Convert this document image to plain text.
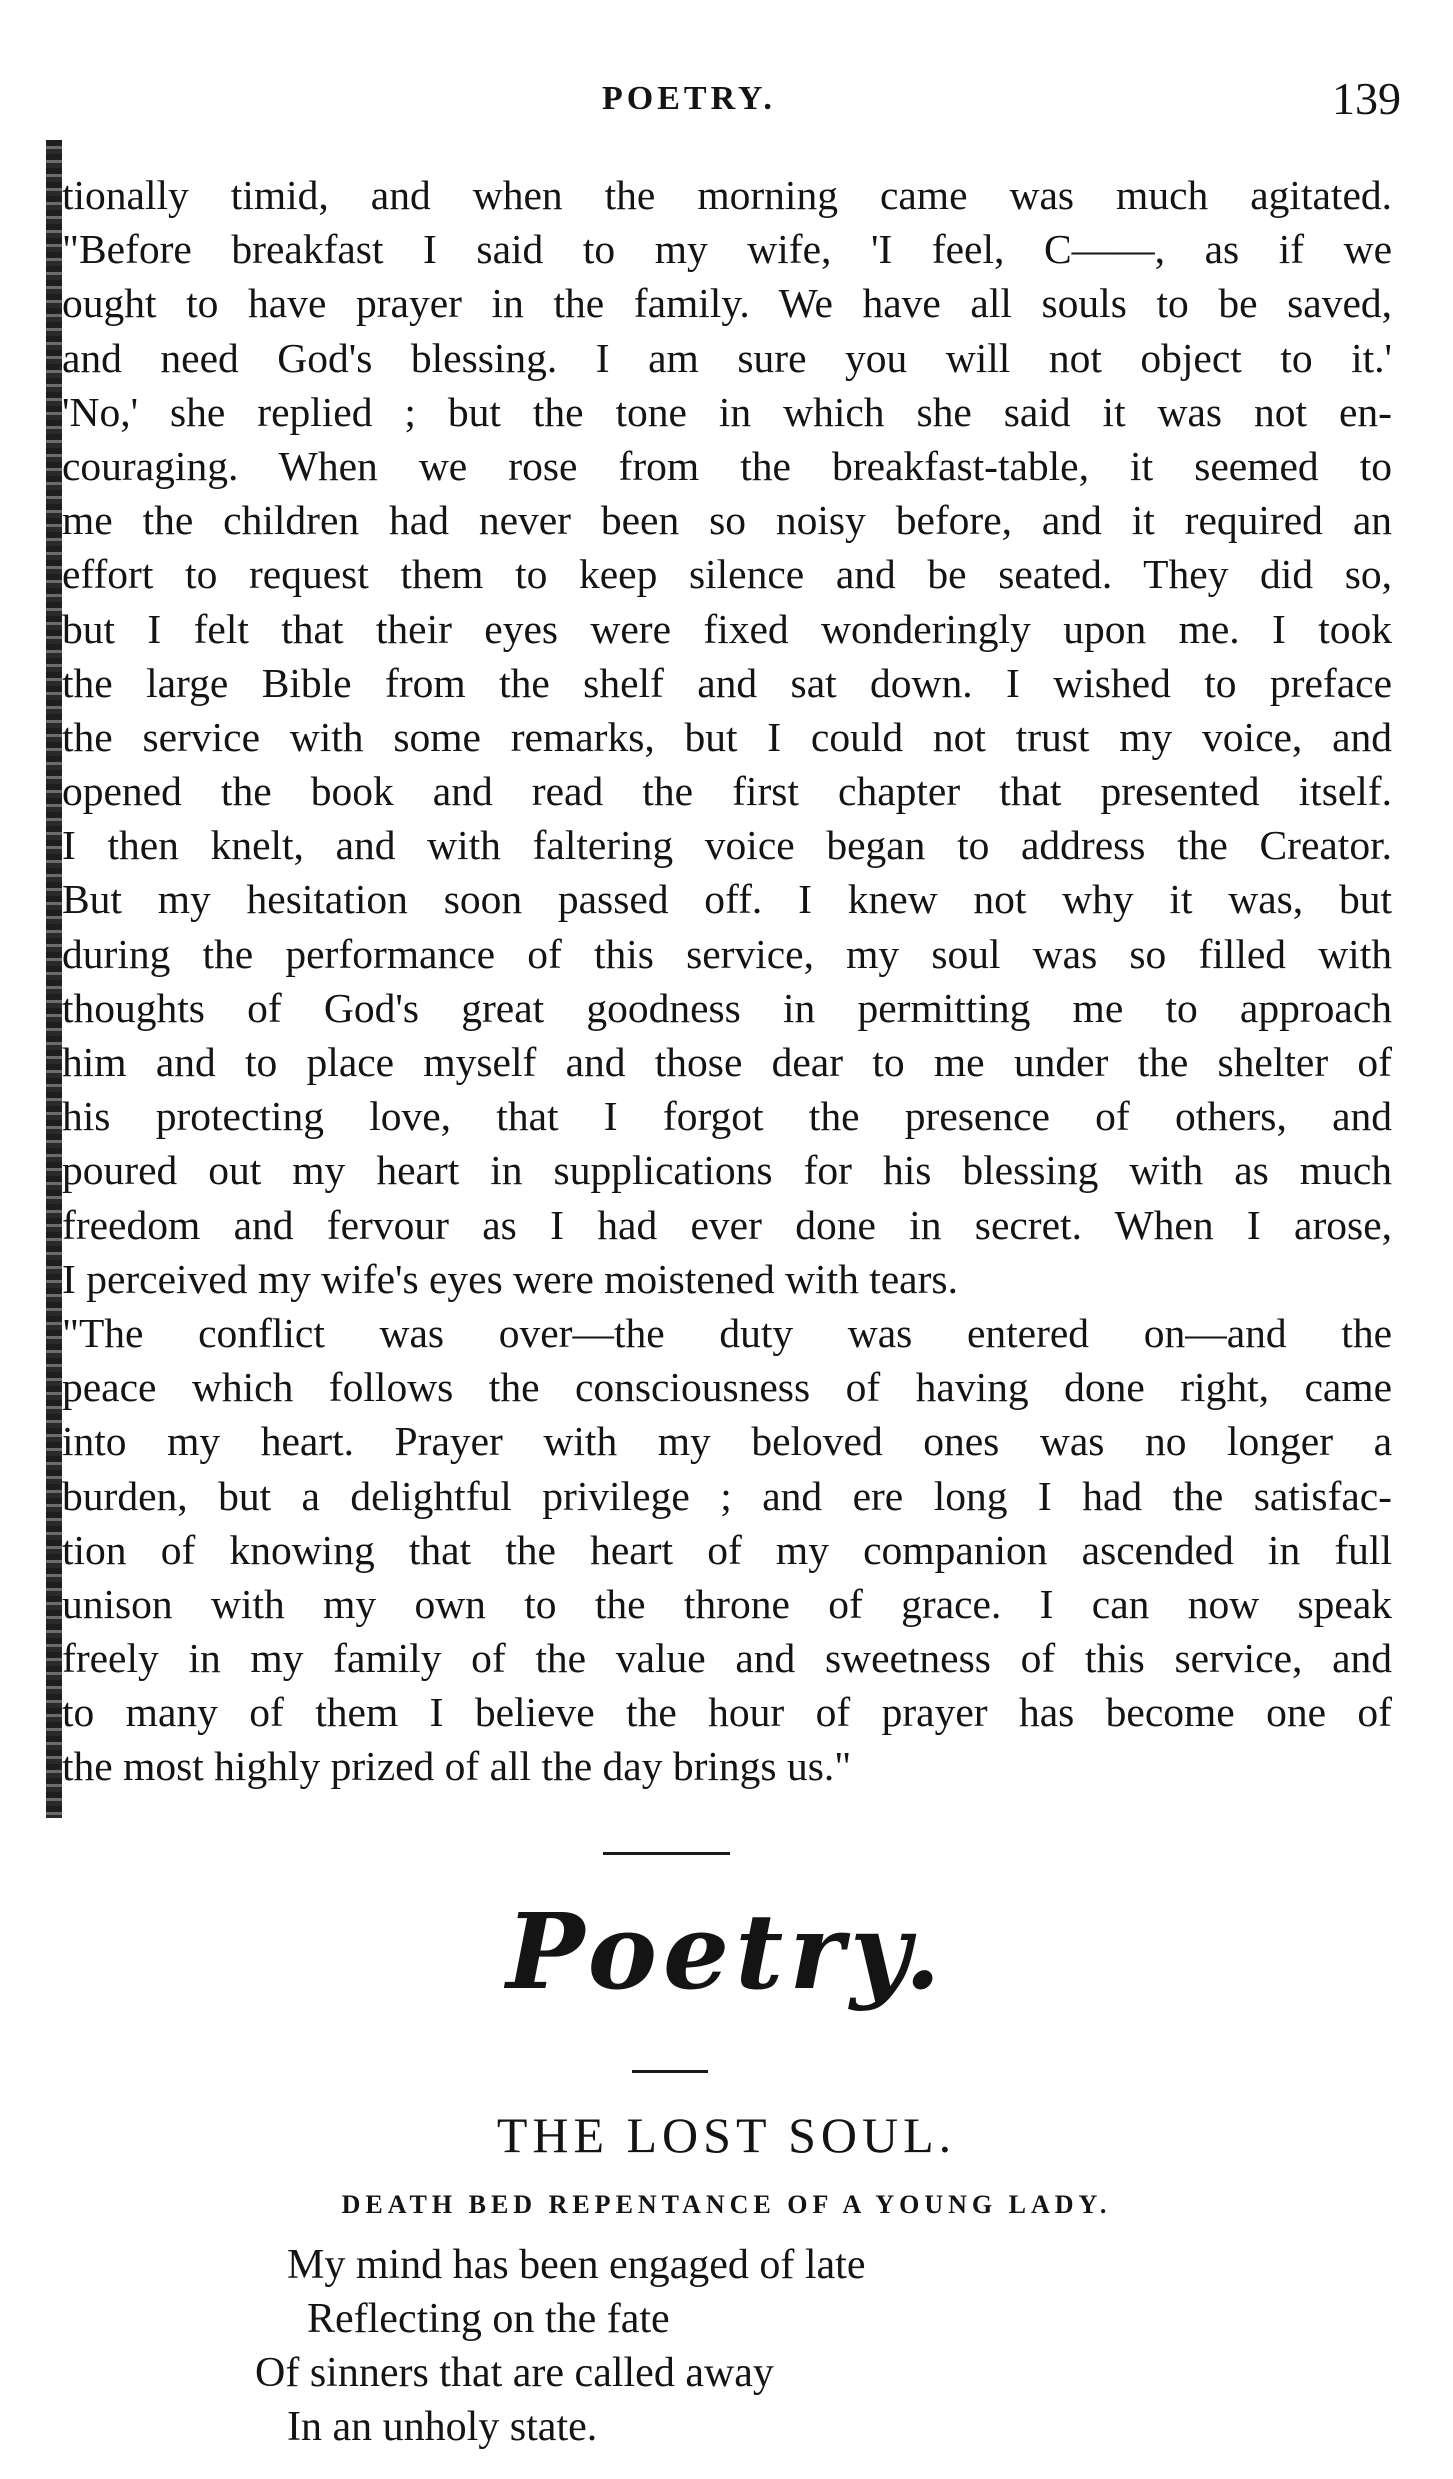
POETRY.	139
tionally timid, and when the morning came was much agitated.
"Before breakfast I said to my wife, 'I feel, C——, as if we
ought to have prayer in the family. We have all souls to be saved,
and need God's blessing. I am sure you will not object to it.'
'No,' she replied ; but the tone in which she said it was not en-
couraging. When we rose from the breakfast-table, it seemed to
me the children had never been so noisy before, and it required an
effort to request them to keep silence and be seated. They did so,
but I felt that their eyes were fixed wonderingly upon me. I took
the large Bible from the shelf and sat down. I wished to preface
the service with some remarks, but I could not trust my voice, and
opened the book and read the first chapter that presented itself.
I then knelt, and with faltering voice began to address the Creator.
But my hesitation soon passed off. I knew not why it was, but
during the performance of this service, my soul was so filled with
thoughts of God's great goodness in permitting me to approach
him and to place myself and those dear to me under the shelter of
his protecting love, that I forgot the presence of others, and
poured out my heart in supplications for his blessing with as much
freedom and fervour as I had ever done in secret. When I arose,
I perceived my wife's eyes were moistened with tears.
"The conflict was over—the duty was entered on—and the
peace which follows the consciousness of having done right, came
into my heart. Prayer with my beloved ones was no longer a
burden, but a delightful privilege ; and ere long I had the satisfac-
tion of knowing that the heart of my companion ascended in full
unison with my own to the throne of grace. I can now speak
freely in my family of the value and sweetness of this service, and
to many of them I believe the hour of prayer has become one of
the most highly prized of all the day brings us."
Poetry.
THE LOST SOUL.
DEATH BED REPENTANCE OF A YOUNG LADY.
My mind has been engaged of late
Reflecting on the fate
Of sinners that are called away
In an unholy state.
